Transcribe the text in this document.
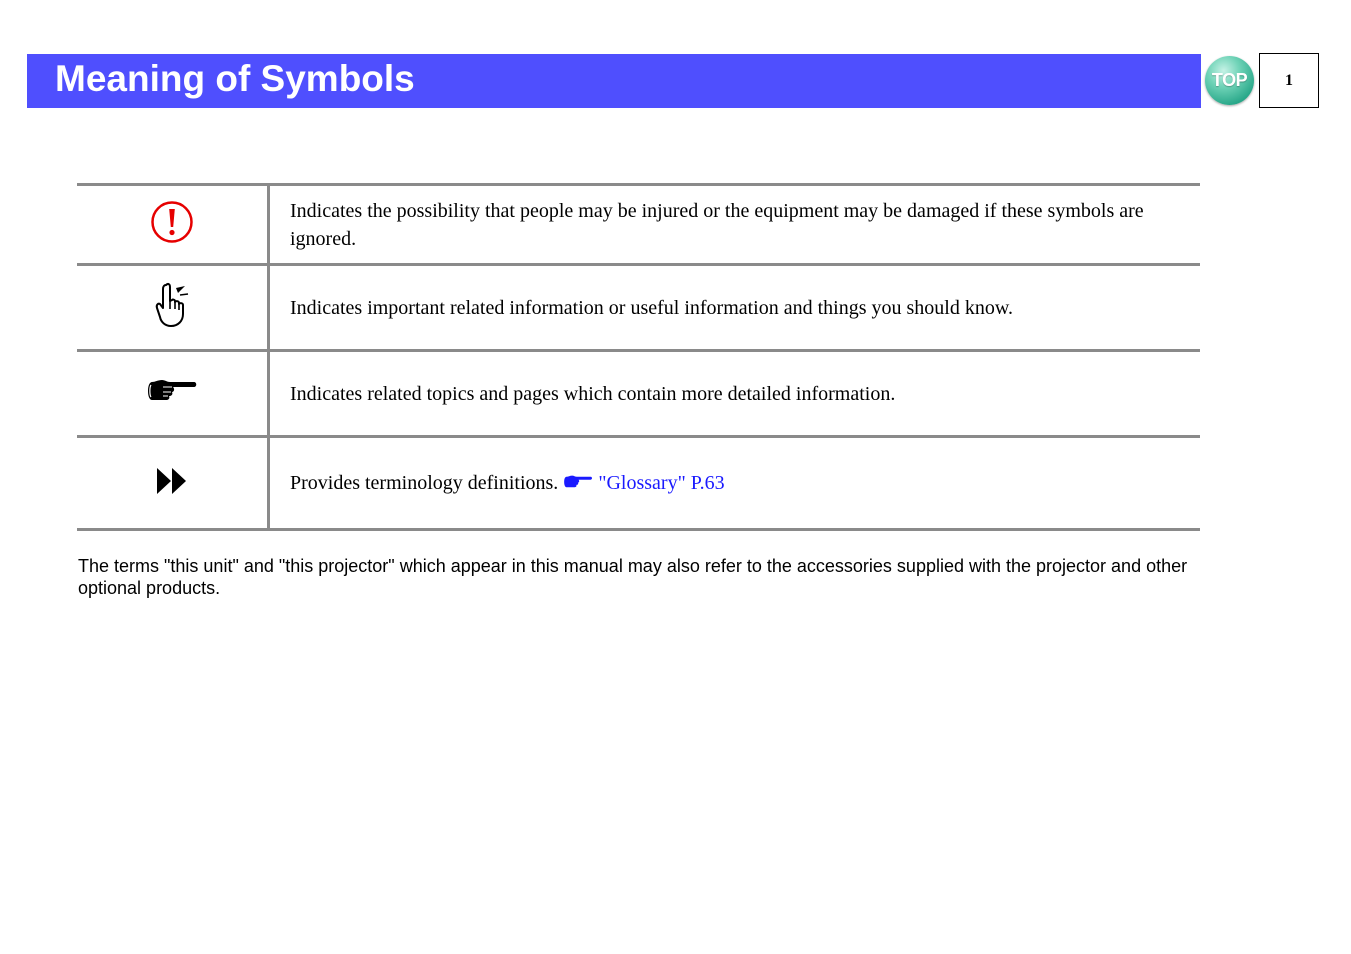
Meaning of Symbols	TOP 1
	Indicates the possibility that people may be injured or the equipment may be damaged if these symbols are ignored.

	Indicates important related information or useful information and things you should know.

	Indicates related topics and pages which contain more detailed information.

	Provides terminology definitions. "Glossary" P.63
The terms "this unit" and "this projector" which appear in this manual may also refer to the accessories supplied with the projector and other optional products.
